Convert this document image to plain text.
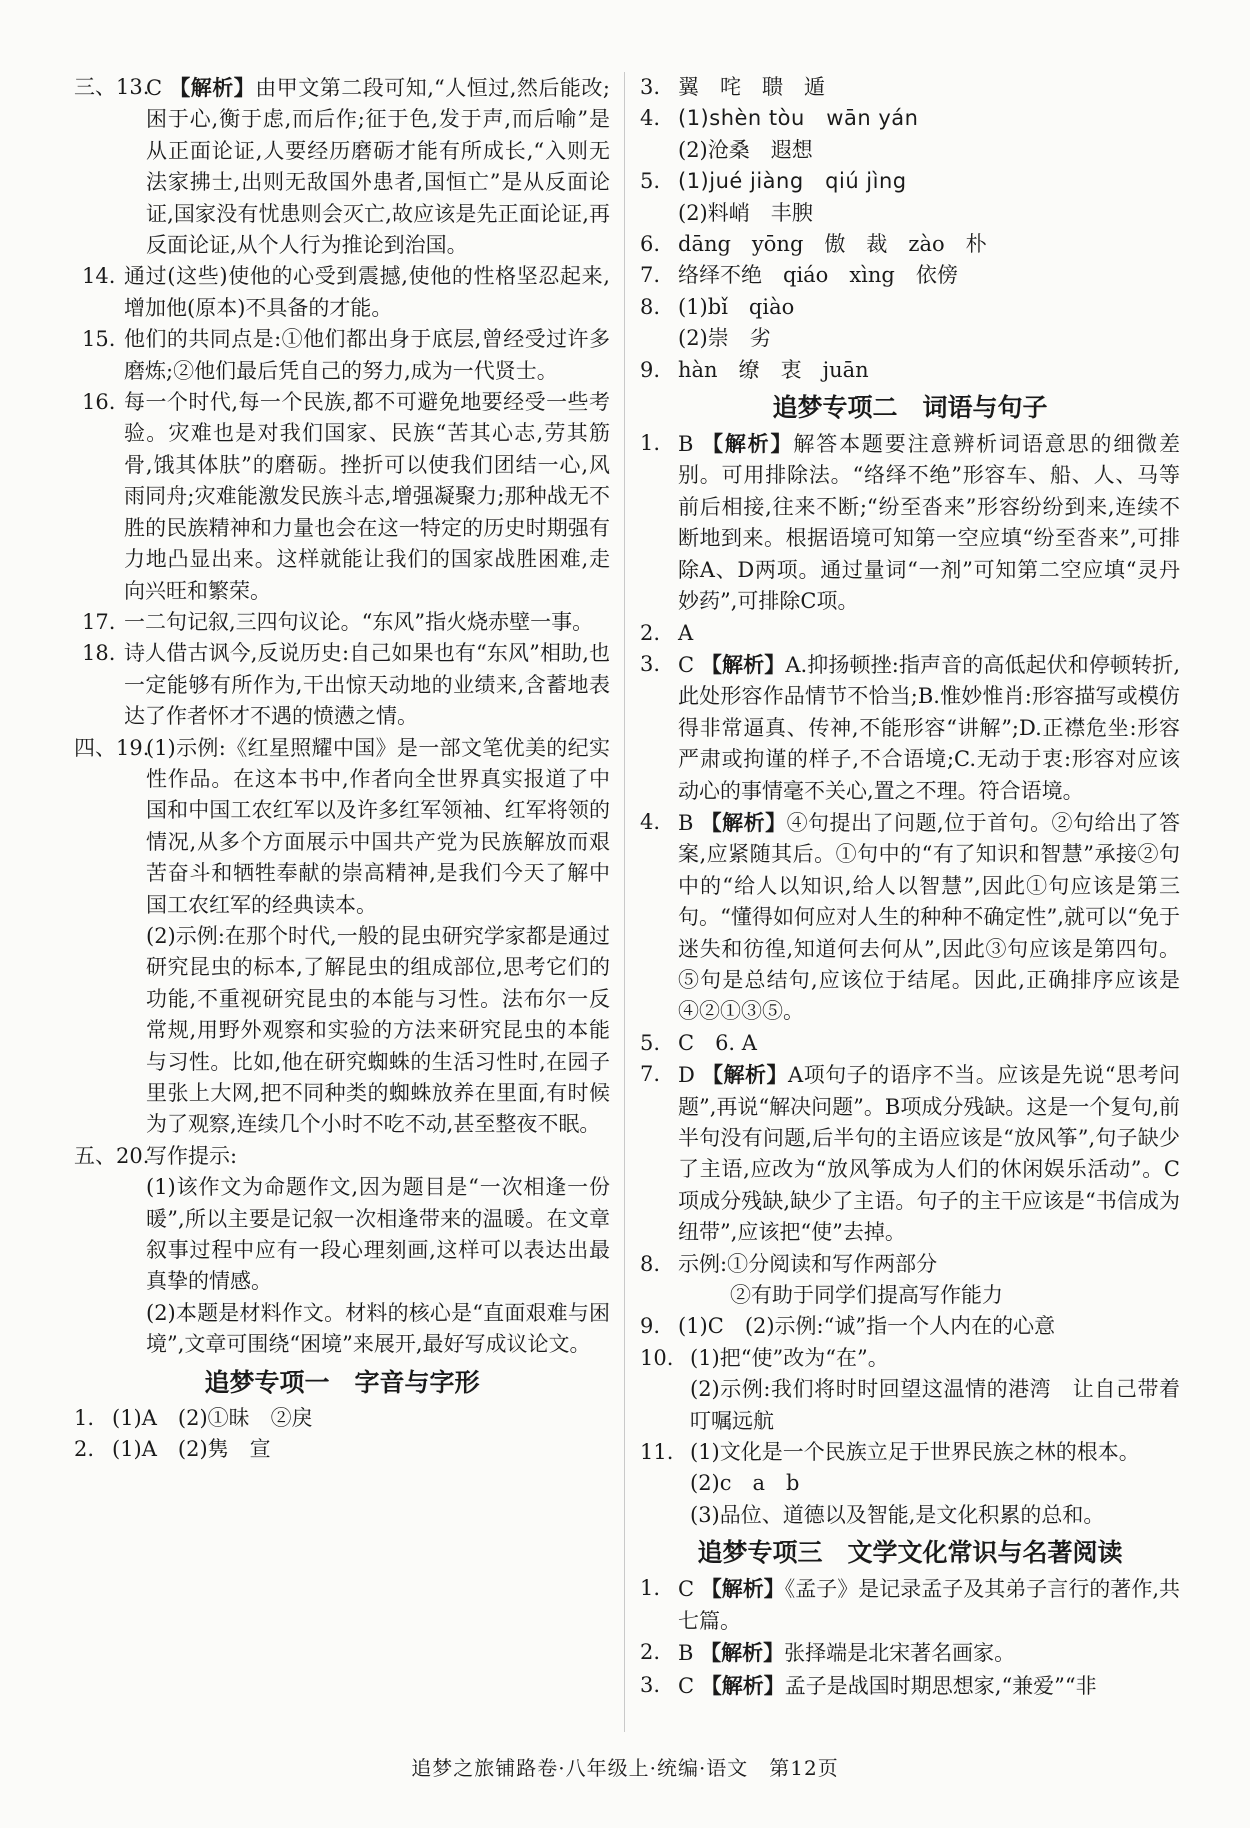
三、13.
C 【解析】由甲文第二段可知,“人恒过,然后能改;困于心,衡于虑,而后作;征于色,发于声,而后喻”是从正面论证,人要经历磨砺才能有所成长,“入则无法家拂士,出则无敌国外患者,国恒亡”是从反面论证,国家没有忧患则会灭亡,故应该是先正面论证,再反面论证,从个人行为推论到治国。
14. 通过(这些)使他的心受到震撼,使他的性格坚忍起来,增加他(原本)不具备的才能。
15. 他们的共同点是:①他们都出身于底层,曾经受过许多磨炼;②他们最后凭自己的努力,成为一代贤士。
16. 每一个时代,每一个民族,都不可避免地要经受一些考验。灾难也是对我们国家、民族“苦其心志,劳其筋骨,饿其体肤”的磨砺。挫折可以使我们团结一心,风雨同舟;灾难能激发民族斗志,增强凝聚力;那种战无不胜的民族精神和力量也会在这一特定的历史时期强有力地凸显出来。这样就能让我们的国家战胜困难,走向兴旺和繁荣。
17. 一二句记叙,三四句议论。“东风”指火烧赤壁一事。
18. 诗人借古讽今,反说历史:自己如果也有“东风”相助,也一定能够有所作为,干出惊天动地的业绩来,含蓄地表达了作者怀才不遇的愤懑之情。
四、19.
(1)示例:《红星照耀中国》是一部文笔优美的纪实性作品。在这本书中,作者向全世界真实报道了中国和中国工农红军以及许多红军领袖、红军将领的情况,从多个方面展示中国共产党为民族解放而艰苦奋斗和牺牲奉献的崇高精神,是我们今天了解中国工农红军的经典读本。
(2)示例:在那个时代,一般的昆虫研究学家都是通过研究昆虫的标本,了解昆虫的组成部位,思考它们的功能,不重视研究昆虫的本能与习性。法布尔一反常规,用野外观察和实验的方法来研究昆虫的本能与习性。比如,他在研究蜘蛛的生活习性时,在园子里张上大网,把不同种类的蜘蛛放养在里面,有时候为了观察,连续几个小时不吃不动,甚至整夜不眠。
五、20.
写作提示:
(1)该作文为命题作文,因为题目是“一次相逢一份暖”,所以主要是记叙一次相逢带来的温暖。在文章叙事过程中应有一段心理刻画,这样可以表达出最真挚的情感。
(2)本题是材料作文。材料的核心是“直面艰难与困境”,文章可围绕“困境”来展开,最好写成议论文。
追梦专项一　字音与字形
1. (1)A　(2)①昧　②戾
2. (1)A　(2)隽　宣
3. 翼　咤　聩　遁
4. (1)shèn tòu　wān yán
(2)沧桑　遐想
5. (1)jué jiàng　qiú jìng
(2)料峭　丰腴
6. dāng　yōng　傲　裁　zào　朴
7. 络绎不绝　qiáo　xìng　依傍
8. (1)bǐ　qiào
(2)崇　劣
9. hàn　缭　衷　juān
追梦专项二　词语与句子
1. B 【解析】解答本题要注意辨析词语意思的细微差别。可用排除法。“络绎不绝”形容车、船、人、马等前后相接,往来不断;“纷至沓来”形容纷纷到来,连续不断地到来。根据语境可知第一空应填“纷至沓来”,可排除A、D两项。通过量词“一剂”可知第二空应填“灵丹妙药”,可排除C项。
2. A
3. C 【解析】A.抑扬顿挫:指声音的高低起伏和停顿转折,此处形容作品情节不恰当;B.惟妙惟肖:形容描写或模仿得非常逼真、传神,不能形容“讲解”;D.正襟危坐:形容严肃或拘谨的样子,不合语境;C.无动于衷:形容对应该动心的事情毫不关心,置之不理。符合语境。
4. B 【解析】④句提出了问题,位于首句。②句给出了答案,应紧随其后。①句中的“有了知识和智慧”承接②句中的“给人以知识,给人以智慧”,因此①句应该是第三句。“懂得如何应对人生的种种不确定性”,就可以“免于迷失和彷徨,知道何去何从”,因此③句应该是第四句。⑤句是总结句,应该位于结尾。因此,正确排序应该是④②①③⑤。
5. C　6. A
7. D 【解析】A项句子的语序不当。应该是先说“思考问题”,再说“解决问题”。B项成分残缺。这是一个复句,前半句没有问题,后半句的主语应该是“放风筝”,句子缺少了主语,应改为“放风筝成为人们的休闲娱乐活动”。C项成分残缺,缺少了主语。句子的主干应该是“书信成为纽带”,应该把“使”去掉。
8. 示例:①分阅读和写作两部分
②有助于同学们提高写作能力
9. (1)C　(2)示例:“诚”指一个人内在的心意
10. (1)把“使”改为“在”。
(2)示例:我们将时时回望这温情的港湾　让自己带着叮嘱远航
11. (1)文化是一个民族立足于世界民族之林的根本。
(2)c　a　b
(3)品位、道德以及智能,是文化积累的总和。
追梦专项三　文学文化常识与名著阅读
1. C 【解析】《孟子》是记录孟子及其弟子言行的著作,共七篇。
2. B 【解析】张择端是北宋著名画家。
3. C 【解析】孟子是战国时期思想家,“兼爱”“非
追梦之旅铺路卷·八年级上·统编·语文　第12页
